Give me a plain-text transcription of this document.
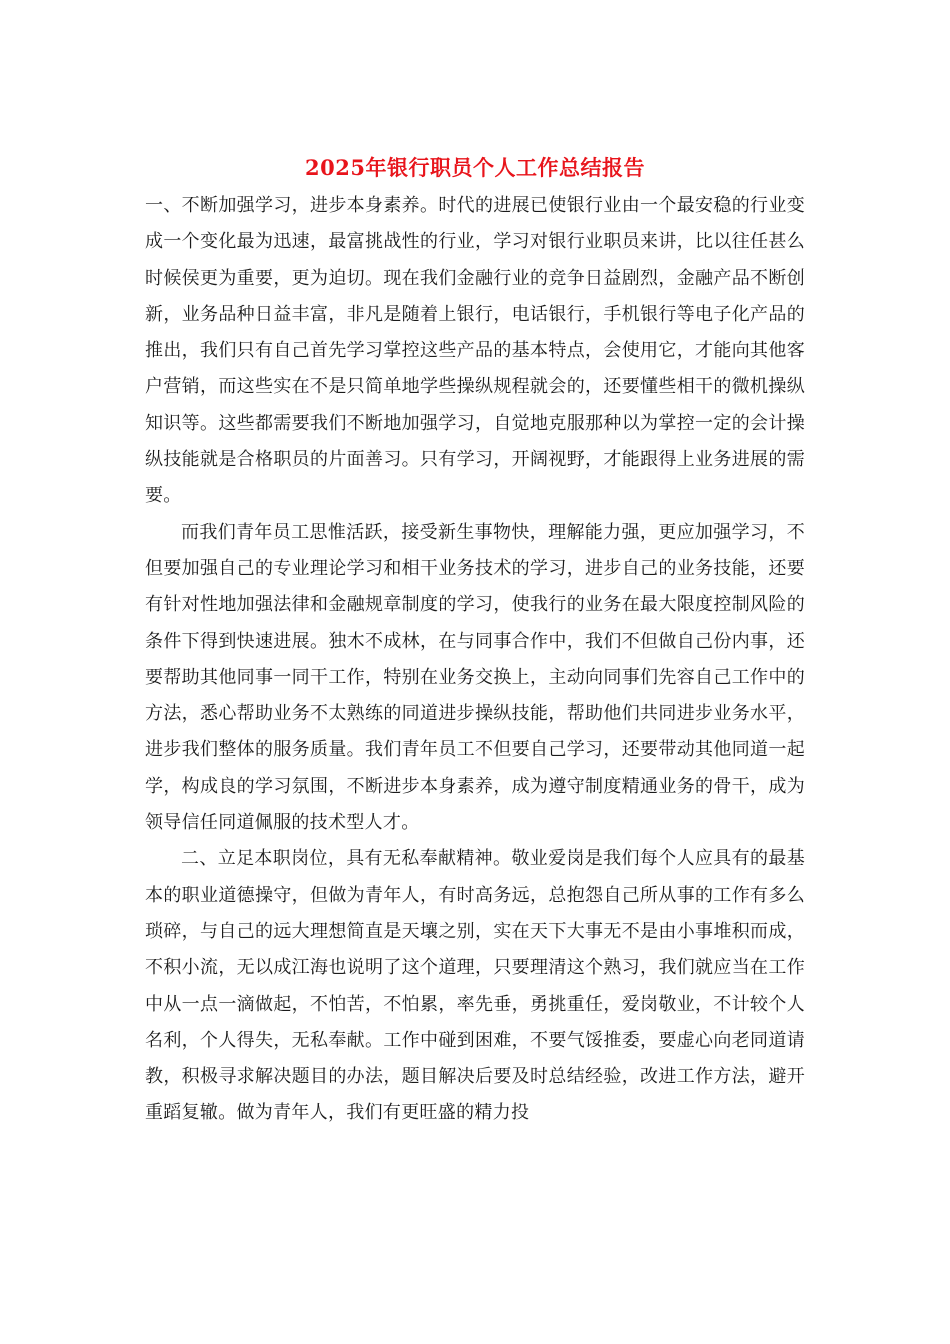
2025年银行职员个人工作总结报告

一、不断加强学习，进步本身素养。时代的进展已使银行业由一个最安稳的行业变成一个变化最为迅速，最富挑战性的行业，学习对银行业职员来讲，比以往任甚么时候侯更为重要，更为迫切。现在我们金融行业的竞争日益剧烈，金融产品不断创新，业务品种日益丰富，非凡是随着上银行，电话银行，手机银行等电子化产品的推出，我们只有自己首先学习掌控这些产品的基本特点，会使用它，才能向其他客户营销，而这些实在不是只简单地学些操纵规程就会的，还要懂些相干的微机操纵知识等。这些都需要我们不断地加强学习，自觉地克服那种以为掌控一定的会计操纵技能就是合格职员的片面善习。只有学习，开阔视野，才能跟得上业务进展的需要。

而我们青年员工思惟活跃，接受新生事物快，理解能力强，更应加强学习，不但要加强自己的专业理论学习和相干业务技术的学习，进步自己的业务技能，还要有针对性地加强法律和金融规章制度的学习，使我行的业务在最大限度控制风险的条件下得到快速进展。独木不成林，在与同事合作中，我们不但做自己份内事，还要帮助其他同事一同干工作，特别在业务交换上，主动向同事们先容自己工作中的方法，悉心帮助业务不太熟练的同道进步操纵技能，帮助他们共同进步业务水平，进步我们整体的服务质量。我们青年员工不但要自己学习，还要带动其他同道一起学，构成良的学习氛围，不断进步本身素养，成为遵守制度精通业务的骨干，成为领导信任同道佩服的技术型人才。

二、立足本职岗位，具有无私奉献精神。敬业爱岗是我们每个人应具有的最基本的职业道德操守，但做为青年人，有时高务远，总抱怨自己所从事的工作有多么琐碎，与自己的远大理想简直是天壤之别，实在天下大事无不是由小事堆积而成，不积小流，无以成江海也说明了这个道理，只要理清这个熟习，我们就应当在工作中从一点一滴做起，不怕苦，不怕累，率先垂，勇挑重任，爱岗敬业，不计较个人名利，个人得失，无私奉献。工作中碰到困难，不要气馁推委，要虚心向老同道请教，积极寻求解决题目的办法，题目解决后要及时总结经验，改进工作方法，避开重蹈复辙。做为青年人，我们有更旺盛的精力投
